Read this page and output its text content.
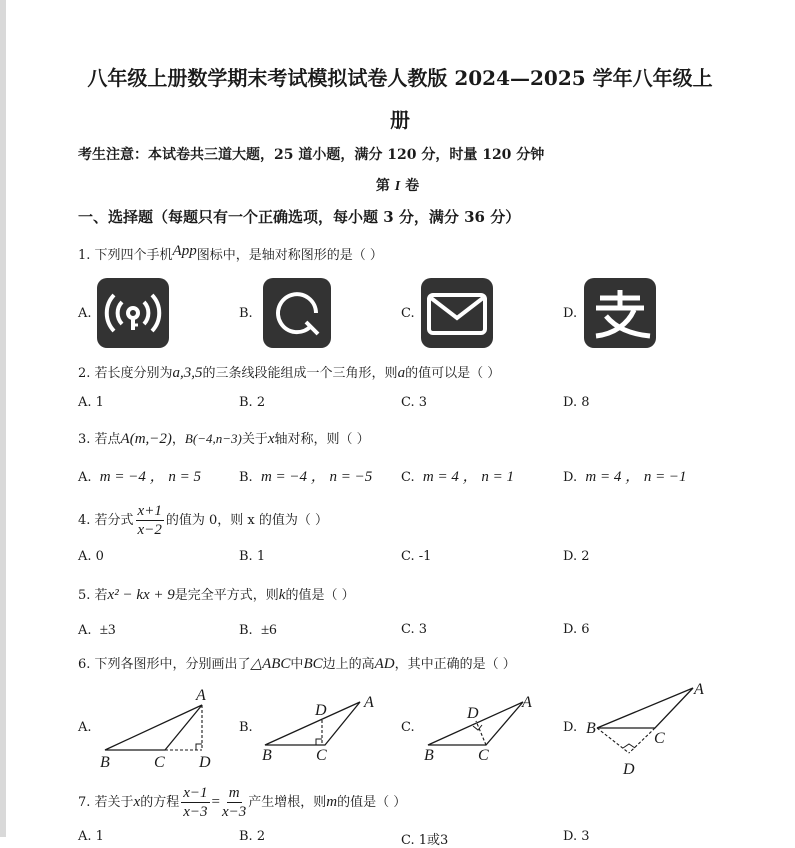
八年级上册数学期末考试模拟试卷人教版 2024—2025 学年八年级上
册
考生注意：本试卷共三道大题，25 道小题，满分 120 分，时量 120 分钟
第 I 卷
一、选择题（每题只有一个正确选项，每小题 3 分，满分 36 分）
1. 下列四个手机App图标中，是轴对称图形的是（ ）
A.	B.	C.	D.
2. 若长度分别为a,3,5的三条线段能组成一个三角形，则a的值可以是（ ）
A. 1	B. 2	C. 3	D. 8
3. 若点A(m,−2)，B(−4,n−3)关于x轴对称，则（ ）
A. m = −4 ， n = 5	B. m = −4 ， n = −5 C. m = 4 ， n = 1	D. m = 4 ， n = −1
4. 若分式 $\frac{x+1}{x-2}$ 的值为 0，则 x 的值为（ ）
A. 0	B. 1	C. -1	D. 2
5. 若x² − kx + 9是完全平方式，则k的值是（ ）
A. ±3	B. ±6	C. 3	D. 6
6. 下列各图形中，分别画出了△ABC中BC边上的高AD，其中正确的是（ ）
A.	B.	C.	D.
A
B	C D
A
D
B	C
A
D
B	C
A
B
C
D
7. 若关于x的方程 $\frac{x-1}{x-3} = \frac{m}{x-3}$ 产生增根，则m的值是（ ）
A. 1	B. 2	C. 1或3	D. 3
